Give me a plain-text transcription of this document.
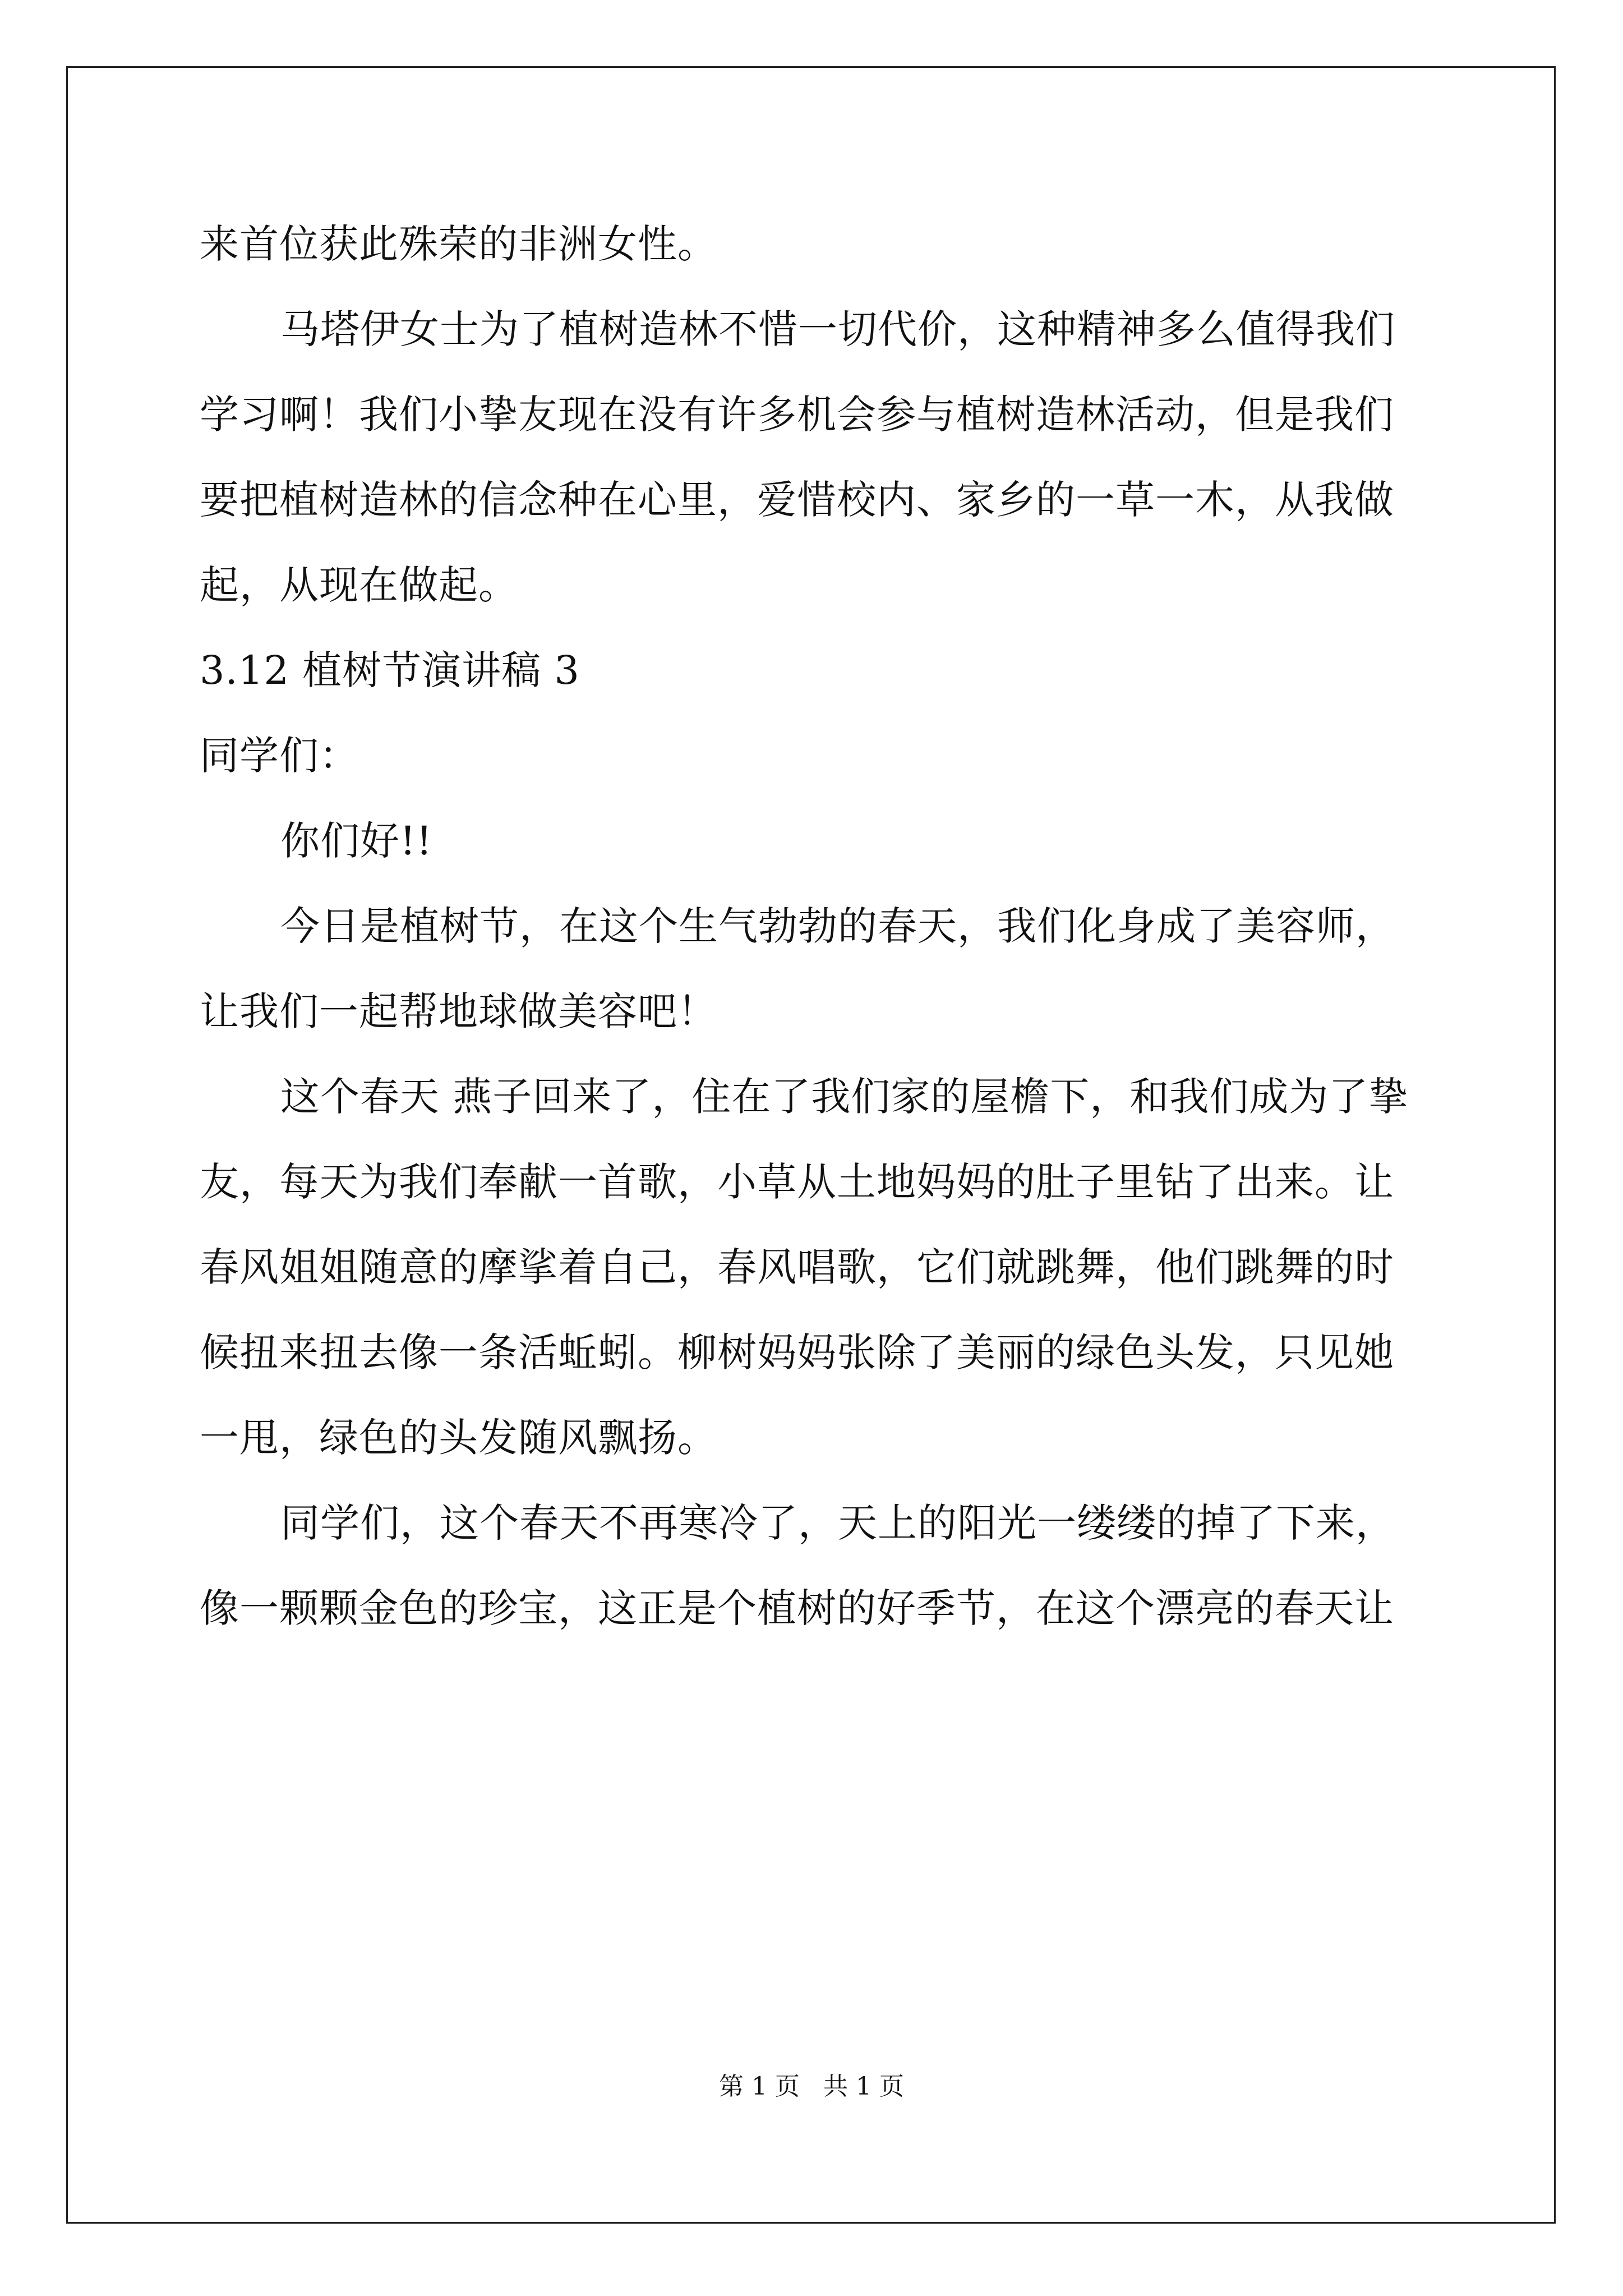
来首位获此殊荣的非洲女性。
马塔伊女士为了植树造林不惜一切代价，这种精神多么值得我们
学习啊！我们小挚友现在没有许多机会参与植树造林活动，但是我们
要把植树造林的信念种在心里，爱惜校内、家乡的一草一木，从我做
起，从现在做起。
3.12 植树节演讲稿 3
同学们：
你们好!!
今日是植树节，在这个生气勃勃的春天，我们化身成了美容师，
让我们一起帮地球做美容吧！
这个春天 燕子回来了，住在了我们家的屋檐下，和我们成为了挚
友，每天为我们奉献一首歌，小草从土地妈妈的肚子里钻了出来。让
春风姐姐随意的摩挲着自己，春风唱歌，它们就跳舞，他们跳舞的时
候扭来扭去像一条活蚯蚓。柳树妈妈张除了美丽的绿色头发，只见她
一甩，绿色的头发随风飘扬。
同学们，这个春天不再寒冷了，天上的阳光一缕缕的掉了下来，
像一颗颗金色的珍宝，这正是个植树的好季节，在这个漂亮的春天让
第 1 页 共 1 页
